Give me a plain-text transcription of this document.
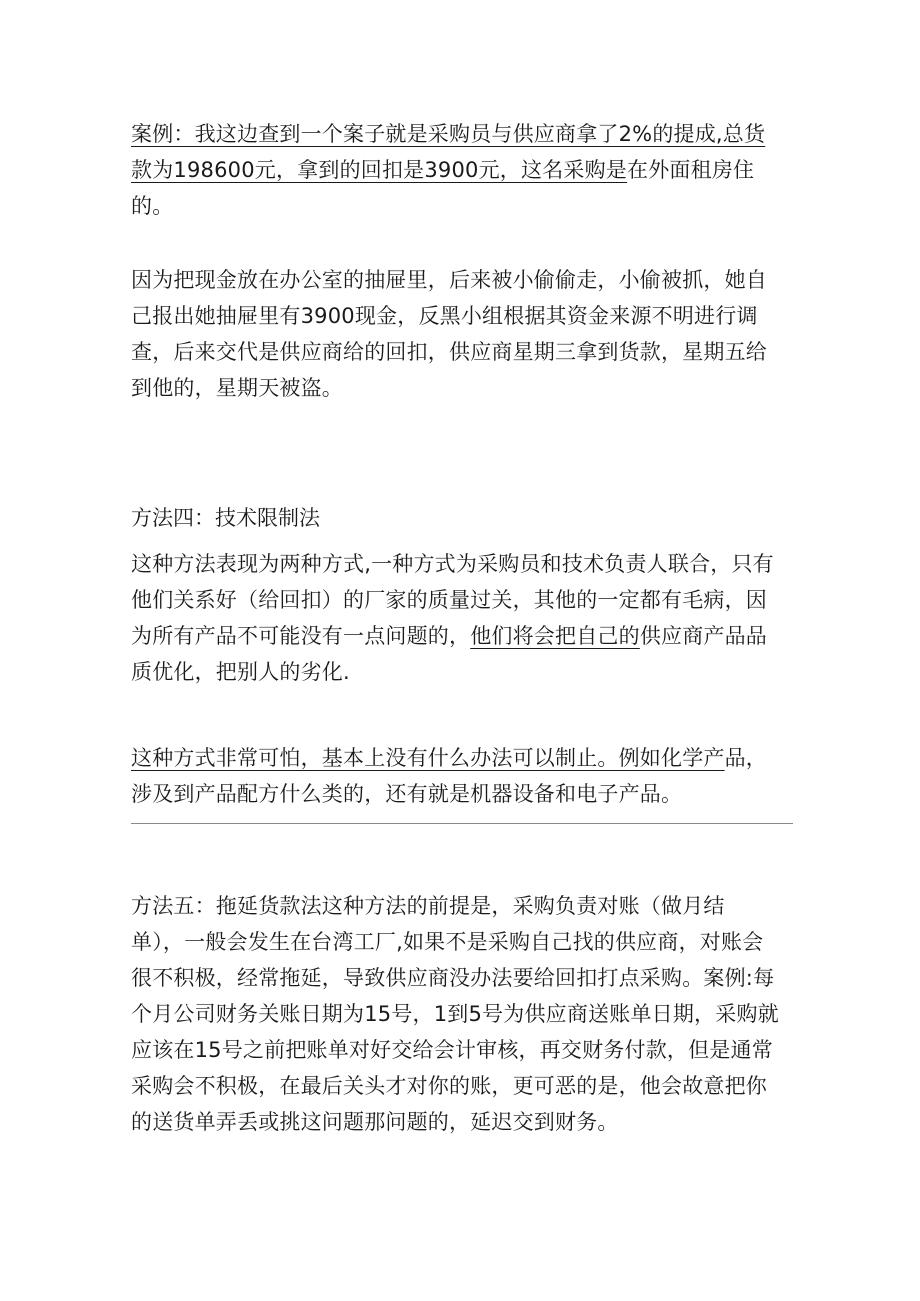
案例：我这边查到一个案子就是采购员与供应商拿了2%的提成,总货
款为198600元，拿到的回扣是3900元，这名采购是在外面租房住
的。
因为把现金放在办公室的抽屉里，后来被小偷偷走，小偷被抓，她自
己报出她抽屉里有3900现金，反黑小组根据其资金来源不明进行调
查，后来交代是供应商给的回扣，供应商星期三拿到货款，星期五给
到他的，星期天被盗。
方法四：技术限制法
这种方法表现为两种方式,一种方式为采购员和技术负责人联合，只有
他们关系好（给回扣）的厂家的质量过关，其他的一定都有毛病，因
为所有产品不可能没有一点问题的，他们将会把自己的供应商产品品
质优化，把别人的劣化.
这种方式非常可怕，基本上没有什么办法可以制止。例如化学产品，
涉及到产品配方什么类的，还有就是机器设备和电子产品。
方法五：拖延货款法这种方法的前提是，采购负责对账（做月结
单），一般会发生在台湾工厂,如果不是采购自己找的供应商，对账会
很不积极，经常拖延，导致供应商没办法要给回扣打点采购。案例:每
个月公司财务关账日期为15号，1到5号为供应商送账单日期，采购就
应该在15号之前把账单对好交给会计审核，再交财务付款，但是通常
采购会不积极，在最后关头才对你的账，更可恶的是，他会故意把你
的送货单弄丢或挑这问题那问题的，延迟交到财务。
